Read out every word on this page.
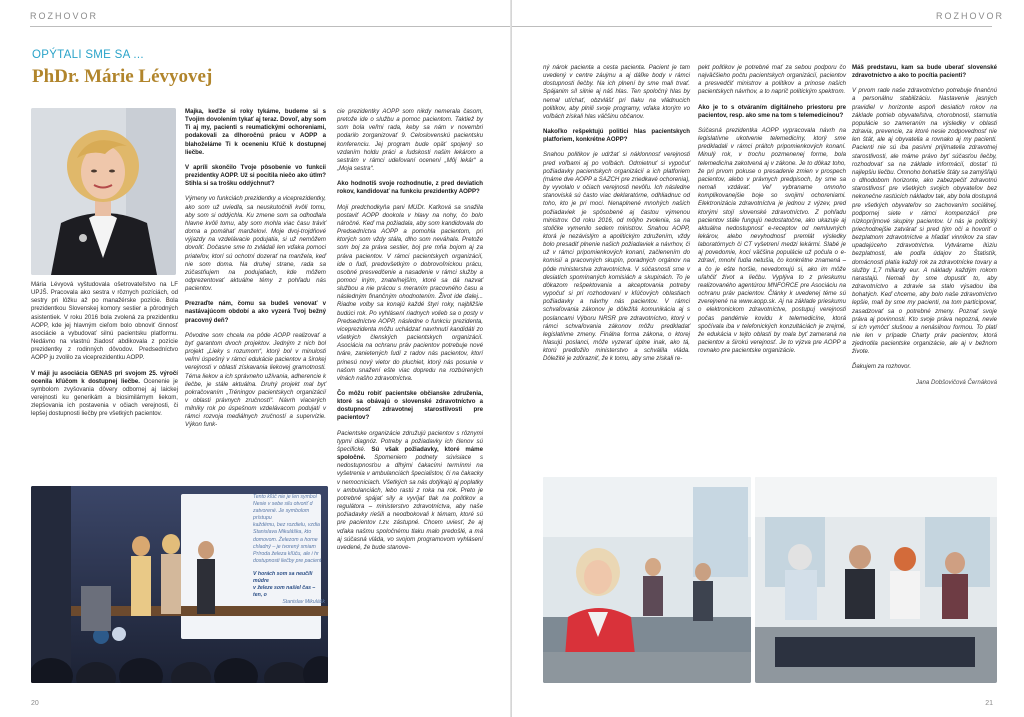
ROZHOVOR
OPÝTALI SME SA ...
PhDr. Márie Lévyovej

Mária Lévyová vyštudovala ošetrovateľstvo na LF UPJŠ. Pracovala ako sestra v rôznych pozíciách, od sestry pri lôžku až po manažérske pozície. Bola prezidentkou Slovenskej komory sestier a pôrodných asistentiek. V roku 2016 bola zvolená za prezidentku AOPP, kde jej hlavným cieľom bolo obnoviť činnosť asociácie a vybudovať silnú pacientsku platformu. Nedávno na vlastnú žiadosť abdikovala z pozície prezidentky z rodinných dôvodov. Predsedníctvo AOPP ju zvolilo za viceprezidentku AOPP.

V máji ju asociácia GENAS pri svojom 25. výročí ocenila kľúčom k dostupnej liečbe. Ocenenie je symbolom zvyšovania dôvery odbornej aj laickej verejnosti ku generikám a biosimilárnym liekom, zlepšovania ich postavenia v očiach verejnosti, či lepšej dostupnosti liečby pre všetkých pacientov.

Majka, keďže si roky tykáme, budeme si s Tvojím dovolením tykať aj teraz. Dovoľ, aby som Ti aj my, pacienti s reumatickými ochoreniami, podakovali za dlhoročnú prácu v AOPP a blahoželáme Ti k oceneniu Kľúč k dostupnej liečbe.

V apríli skončilo Tvoje pôsobenie vo funkcii prezidentky AOPP. Už si pocítila niečo ako útlm? Stihla si sa trošku oddýchnuť?

Výmeny vo funkciách prezidentky a viceprezidentky, ako som už uviedla, sa neuskutočnili kvôli tomu, aby som si oddýchla. Ku zmene som sa odhodlala hlavne kvôli tomu, aby som mohla viac času tráviť doma a pomáhať manželovi. Moje dvoj-trojdňové výjazdy na vzdelávacie podujatia, si už nemôžem dovoliť. Dočasne sme to zvládali len vďaka pomoci priateľov, ktorí sú ochotní dozerať na manžela, keď nie som doma. Na druhej strane, rada sa zúčastňujem na podujatiach, kde môžem odprezentovať aktuálne témy z pohľadu nás pacientov.

Prezraďte nám, čomu sa budeš venovať v nastávajúcom období a ako vyzerá Tvoj bežný pracovný deň?

Pôvodne som chcela na pôde AOPP realizovať a byť garantom dvoch projektov. Jedným z nich bol projekt „Lieky s rozumom“, ktorý bol v minulosti veľmi úspešný v rámci edukácie pacientov a širokej verejnosti v oblasti získavania liekovej gramotnosti. Téma liekov a ich správneho užívania, adherencie k liečbe, je stále aktuálna. Druhý projekt mal byť pokračovaním „Tréningov pacientskych organizácií v oblasti právnych zručností“. Návrh viacerých milníky rok po úspešnom vzdelávacom podujatí v rámci rozvoja mediálnych zručností a supervízie. Výkon funk-

cie prezidentky AOPP som nikdy nemerala časom, pretože ide o službu a pomoc pacientom. Taktiež by som bola veľmi rada, keby sa nám v novembri podarilo zorganizovať 9. Celoslovenskú pacientsku konferenciu. Jej program bude opäť spojený so vzdaním holdu práci a ľudskosti našim lekárom a sestrám v rámci udeľovaní ocenení „Môj lekár“ a „Moja sestra“.

Ako hodnotíš svoje rozhodnutie, z pred deviatich rokov, kandidovať na funkciu prezidentky AOPP?

Moji predchodkyňa pani MUDr. Kaťková sa snažila postaviť AOPP dookola v hlavy na nohy, čo bolo náročné. Keď ma požiadala, aby som kandidovala do Predsedníctva AOPP a pomohla pacientom, pri ktorých som vždy stála, dlho som neváhala. Pretože som boj za práva sestier, boj pre mňa bojom aj za práva pacientov. V rámci pacientskych organizácií, ide o ľudí, predovšetkým o dobrovoľníckou prácu, osobné presvedčenie a nasadenie v rámci služby a pomoci iným, znateľnejším, ktoré sa dá nazvať službou a nie prácou s meraním pracovného času a následným finančným ohodnotením. Život ide ďalej... Riadne volby sa konajú každé štyri roky, najbližšie budúci rok. Po vyhlásení riadnych volieb sa o posty v Predsedníctve AOPP, následne o funkciu prezidenta, viceprezidenta môžu uchádzať navrhnutí kandidáti zo všetkých členských pacientskych organizácií. Asociácia na ochranu práv pacientov potrebuje nové tváre, zanietených ľudí z radov nás pacientov, ktorí prinesú nový vietor do pluchiet, ktorý nás posunie v našom snažení ešte viac dopredu na rozbúrených vlnách našho zdravotníctva.

Čo môžu robiť pacientske občianske združenia, ktoré sa obávajú o slovenské zdravotníctvo a dostupnosť zdravotnej starostlivosti pre pacientov?

Pacientske organizácie združujú pacientov s rôznymi typmi diagnóz. Potreby a požiadavky ich členov sú špecifické. Sú však požiadavky, ktoré máme spoločné. Spomeniem podnety súvisiace s nedostupnosťou a dlhými čakacími termínmi na vyšetrenia v ambulanciách špecialistov, či na čakacky v nemocniciach. Všetkých sa nás dotýkajú aj poplatky v ambulanciách, lebo rastú z roka na rok. Preto je potrebné spájať sily a vyvíjať tlak na politikov a regulátora – ministerstvo zdravotníctva, aby naše požiadavky riešili a neodbokovali k témam, ktoré sú pre pacientov t.zv. zástupné. Chcem uviesť, že aj vďaka našmu spoločnému tlaku malo predošlé, a má aj súčasná vláda, vo svojom programovom vyhlásení uvedené, že bude stanove-

Tento kľúč nie je len symbol
Nesie v sebe silu otvoriť d
zatvorené. Je symbolom prístupu
každému, bez rozdielu, vzdia
Stanislava Mikuláška, kto
domovom. Železom a horne
chladný – je tvorený smiam
Príroda železa kľúču, ale i hr
dostupnosti liečby pre pacient
V horách som sa neučili múdre
v železe som našiel čas – ten, o
Stanislav Mikulášk
20
ROZHOVOR

ný nárok pacienta a cesta pacienta. Pacient je tam uvedený v centre záujmu a aj dáľke body v rámci dostupnosti liečby. Na ich plnení by sme mali trvať. Spájanim síl silnie aj náš hlas. Ten spoločný hlas by nemal utíchať, obzvlášť pri tlaku na vládnucich politikov, aby plnili svoje programy, vďaka ktorým vo voľbách získali hlas väčšinu občanov.

Nakoľko rešpektujú politici hlas pacientskych platforiem, konkrétne AOPP?

Snahou politikov je udržať si náklonnosť verejnosti pred voľbami aj po voľbách. Odmietnuť si vypočuť požiadavky pacientskych organizácií a ich platforiem (máme dve AOPP a SAZCH pre zriedkavé ochorenia), by vyvolalo v očiach verejnosti nevôľu. Ich následne stanoviská sú často viac deklaratórne, odhliadnuc od toho, kto je pri moci. Nenaplnené mnohých našich požiadaviek je spôsobené aj častou výmenou ministrov. Od roku 2016, od môjho zvolenia, sa na stoličke vymenilo sedem ministrov. Snahou AOPP, ktorá je nezávislým a apolitickým združením, vždy bolo presadiť plnenie našich požiadaviek a návrhov, či už v rámci pripomienkových konaní, začlenením do komisií a pracovných skupín, poradných orgánov na pôde ministerstva zdravotníctva. V súčasnosti sme v desiatich spomínaných komisiách a skupinách. To je dôkazom rešpektovania a akceptovania potreby vypočuť si pri rozhodovaní v kľúčových oblastiach požiadavky a návrhy nás pacientov. V rámci schvaľovania zákonov je dôležitá komunikácia aj s poslancami Výboru NRSR pre zdravotníctvo, ktorý v rámci schvaľovania zákonov môžu predkladať legislatívne zmeny. Finálna forma zákona, o ktorej hlasujú poslanci, môže vyzerať úplne inak, ako tá, ktorú predložilo ministerstvo a schválila vláda. Dôležité je zdôrazniť, že k tomu, aby sme získali re-

pekt politikov je potrebné mať za sebou podporu čo najväčšieho počtu pacientskych organizácií, pacientov a presvedčiť ministrov a politikov a prinose našich pacientskych návrhov, a to napríč politickým spektrom.

Ako je to s otváraním digitálneho priestoru pre pacientov, resp. ako sme na tom s telemedicínou?

Súčasná prezidentka AOPP vypracovala návrh na legislatívne ukotvenie telemedicíny, ktorý sme predkladali v rámci práitch pripomienkových konaní. Minulý rok, v trochu pozmenenej forme, bola telemedicína zakotvená aj v zákone. Je to dôkaz toho, že pri prvom pokuse o presadenie zmien v prospech pacientov, alebo v právnych predpisoch, by sme sa nemali vzdávať. Veľ vybraname omnoho komplikovanejšie boje so svojimi ochoreniami. Elektronizácia zdravotníctva je jednou z výzev, pred ktorými stojí slovenské zdravotníctvo. Z pohľadu pacientov stále fungujú nedostatočne, ako ukazuje aj aktuálna nedostupnosť e-receptov od nemluvných lekárov, alebo nevyhodnosť premlát výsledky laboratórnych či CT vyšetrení medzi lekármi. Slabé je aj povedomie, kocí väčšina populácie už počula o e-zdraví, mnohí ľudia netušia, čo konkrétne znamená – a čo je ešte horšie, nevedomujú si, ako im môže uľahčiť život a liečbu. Vyplýva to z prieskumu realizovaného agentúrou MNFORCE pre Asociáciu na ochranu práv pacientov. Články k uvedenej téme sú zverejnené na www.aopp.sk. Aj na základe prieskumu o elektronickom zdravotníctve, postupuj verejnosti počas pandémie kovidu k telemedicíne, ktorá spočívala iba v telefonických konzultáciách je zrejmé, že edukácia v tejto oblasti by mala byť zameraná na pacientov a širokú verejnosť. Je to výzva pre AOPP a rovnako pre pacientske organizácie.

Máš predstavu, kam sa bude uberať slovenské zdravotníctvo a ako to pocítia pacienti?

V prvom rade naše zdravotníctvo potrebuje finančnú a personálnu stabilizáciu. Nastavenie jasných pravidiel v horizonte aspoň desiatich rokov na základe potrieb obyvateľstva, chorobnosti, starnutia populácie so zameraním na výsledky v oblasti zdravia, prevencie, za ktoré nesie zodpovednosť nie len štát, ale aj obyvatelia a rovnako aj my pacienti. Pacienti nie sú iba pasívni prijímatelia zdravotnej starostlivosti, ale máme právo byť súčasťou liečby, rozhodovať sa na základe informácií, dostať tú najlepšiu liečbu. Omnoho bohatšie štáty sa zamýšľajú o dlhodobom horizonte, ako zabezpečiť zdravotnú starostlivosť pre všetkých svojich obyvateľov bez nekonečne rastúcich nákladov tak, aby bola dostupná pre všetkých obyvateľov so zachovaním sociálnej, podpornej siete v rámci kompenzácií pre nízkopríjmové skupiny pacientov. U nás je politický priechodnejšie zatvárať si pred tým oči a hovoriť o bezplatnom zdravotníctve a hľadať vinníkov za stav upadajúceho zdravotníctva. Vytvárame ilúziu bezplatnosti, ale podľa údajov zo Štatistík, domácnosti platia každý rok za zdravotnícke tovary a služby 1,7 miliardy eur. A náklady každým rokom narastajú. Nemali by sme dopustiť to, aby zdravotníctvo a zdravie sa stalo výsadou iba bohatých. Keď chceme, aby bolo naše zdravotníctvo lepšie, mali by sme my pacienti, na tom participovať, zasadzovať sa o potrebné zmeny. Poznať svoje práva aj povinnosti. Kto svoje práva nepozná, nevie si ich vymôcť slušnou a nenásilnou formou. To platí nie len v prípade Charty práv pacientov, ktorá zjednotila pacientske organizácie, ale aj v bežnom živote.

Ďakujem za rozhovor.

Jana Dobšovičová Černáková

21
